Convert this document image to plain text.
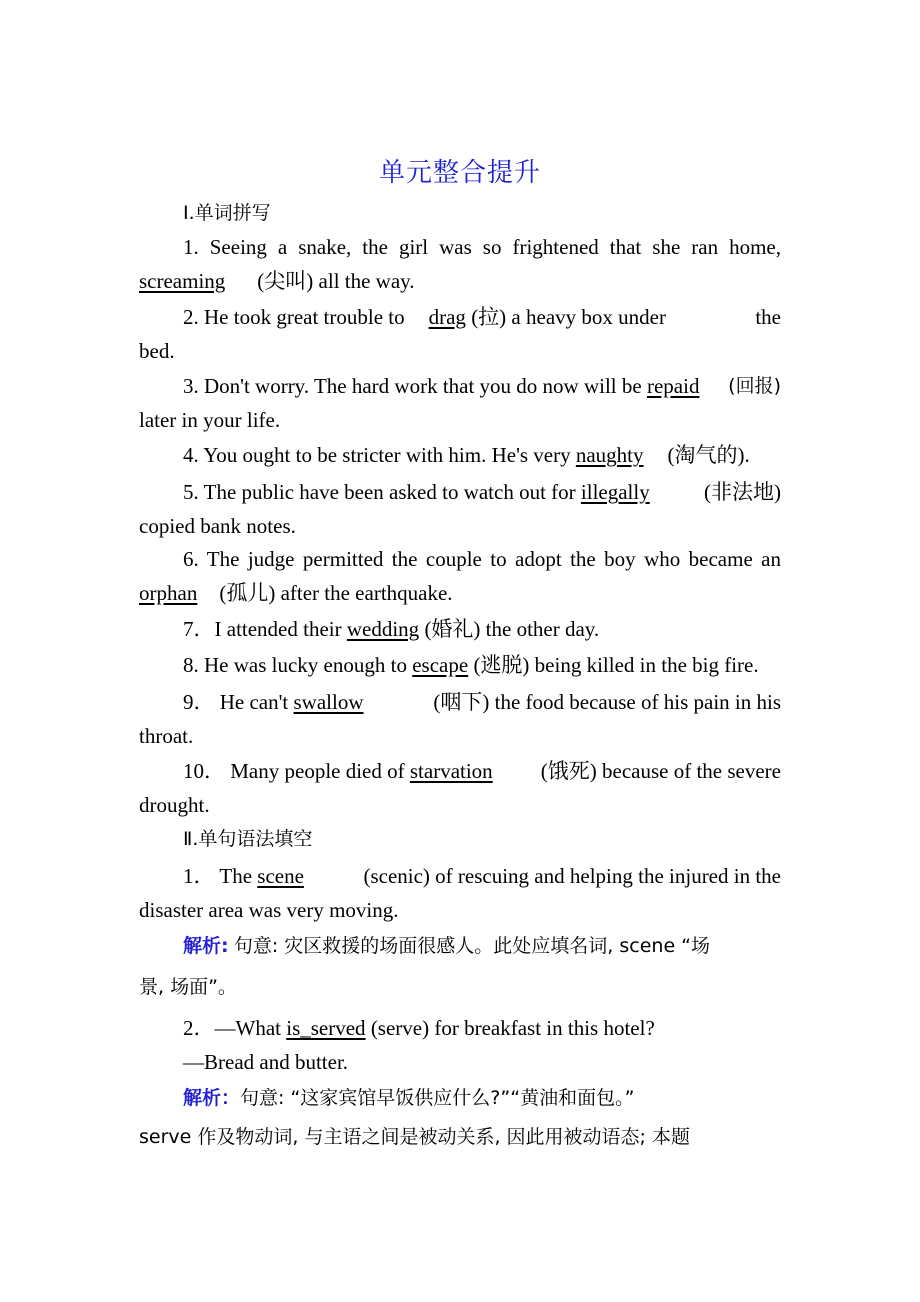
单元整合提升
Ⅰ.单词拼写
1. Seeing a snake, the girl was so frightened that she ran home,
screaming (尖叫) all the way.
2. He took great trouble to drag (拉) a heavy box under	the
bed.
3. Don't worry. The hard work that you do now will be repaid (回报)
later in your life.
4. You ought to be stricter with him. He's very naughty (淘气的).
5. The public have been asked to watch out for illegally	(非法地)
copied bank notes.
6. The judge permitted the couple to adopt the boy who became an
orphan (孤儿) after the earthquake.
7．I attended their wedding (婚礼) the other day.
8. He was lucky enough to escape (逃脱) being killed in the big fire.
9． He can't swallow	(咽下) the food because of his pain in his
throat.
10． Many people died of starvation (饿死) because of the severe
drought.
Ⅱ.单句语法填空
1． The scene	(scenic) of rescuing and helping the injured in the
disaster area was very moving.
解析: 句意: 灾区救援的场面很感人。此处应填名词, scene “场
景, 场面”。
2．—What is_served (serve) for breakfast in this hotel?
—Bread and butter.
解析：句意: “这家宾馆早饭供应什么?”“黄油和面包。”
serve 作及物动词, 与主语之间是被动关系, 因此用被动语态; 本题
